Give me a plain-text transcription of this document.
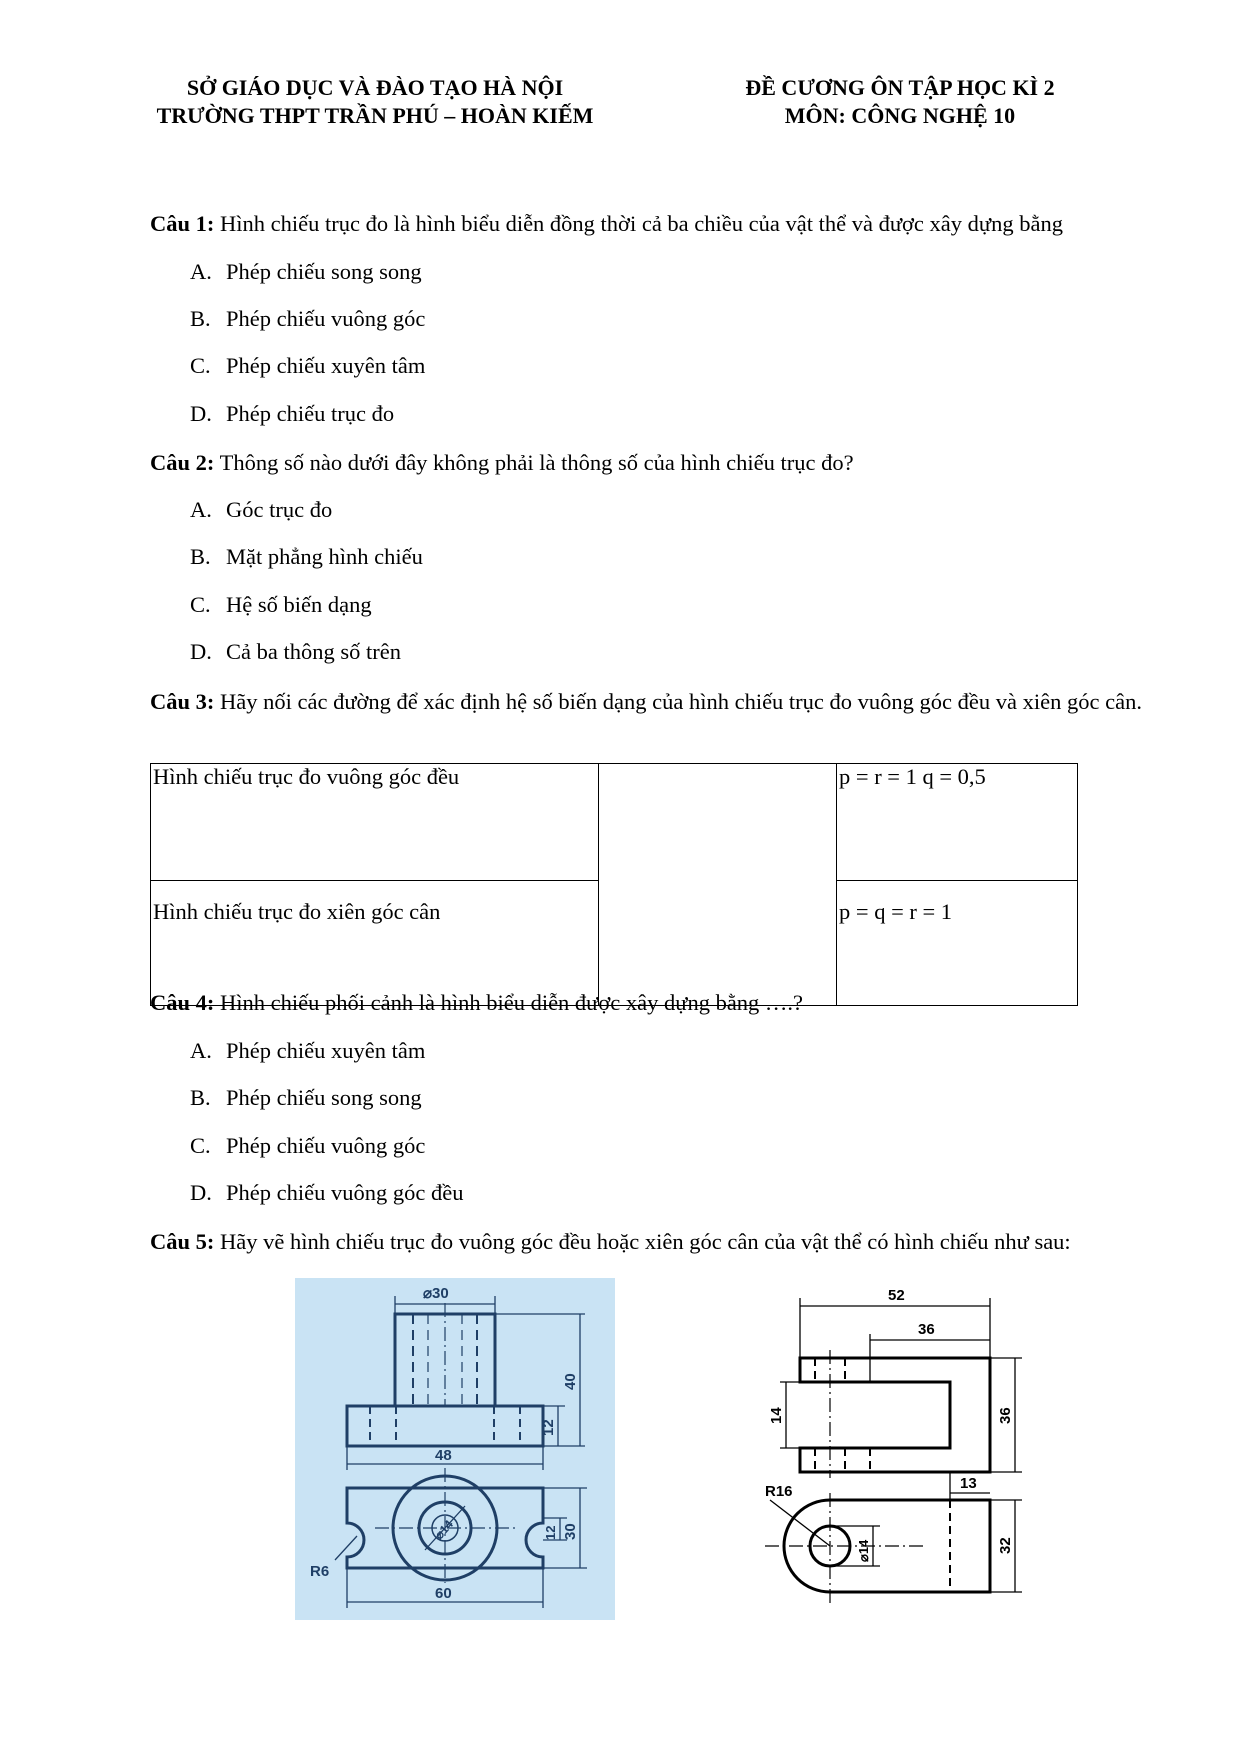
SỞ GIÁO DỤC VÀ ĐÀO TẠO HÀ NỘI
TRƯỜNG THPT TRẦN PHÚ – HOÀN KIẾM
ĐỀ CƯƠNG ÔN TẬP HỌC KÌ 2
MÔN: CÔNG NGHỆ 10
Câu 1: Hình chiếu trục đo là hình biểu diễn đồng thời cả ba chiều của vật thể và được xây dựng bằng
A. Phép chiếu song song
B. Phép chiếu vuông góc
C. Phép chiếu xuyên tâm
D. Phép chiếu trục đo
Câu 2: Thông số nào dưới đây không phải là thông số của hình chiếu trục đo?
A. Góc trục đo
B. Mặt phẳng hình chiếu
C. Hệ số biến dạng
D. Cả ba thông số trên
Câu 3: Hãy nối các đường để xác định hệ số biến dạng của hình chiếu trục đo vuông góc đều và xiên góc cân.
Hình chiếu trục đo vuông góc đều		p = r = 1 q = 0,5
Hình chiếu trục đo xiên góc cân		p = q = r = 1
Câu 4: Hình chiếu phối cảnh là hình biểu diễn được xây dựng bằng ….?
A. Phép chiếu xuyên tâm
B. Phép chiếu song song
C. Phép chiếu vuông góc
D. Phép chiếu vuông góc đều
Câu 5: Hãy vẽ hình chiếu trục đo vuông góc đều hoặc xiên góc cân của vật thể có hình chiếu như sau:
⌀30
40
12
48
R6
⌀14	12 30
60
52
36
14	36
13
R16
⌀14	32
